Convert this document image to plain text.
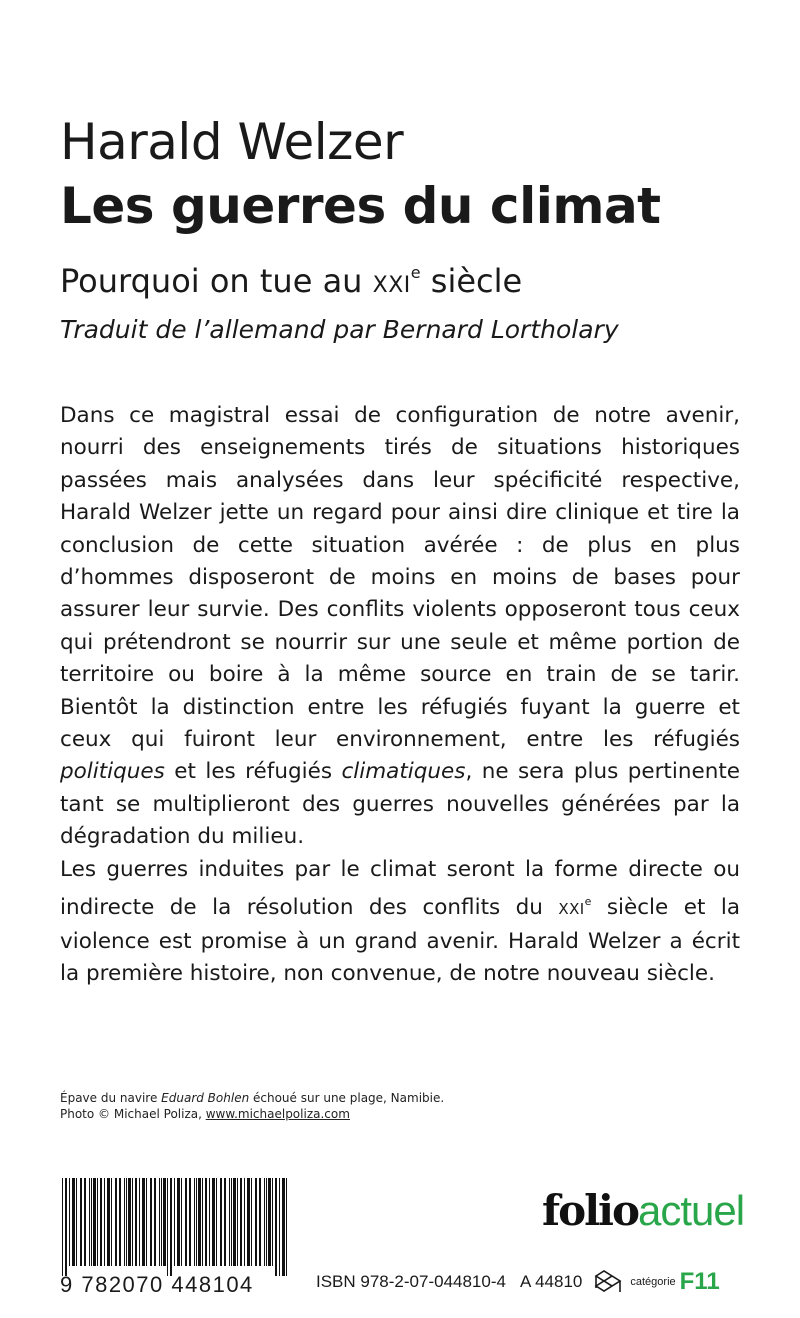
Harald Welzer
Les guerres du climat
Pourquoi on tue au XXIe siècle
Traduit de l’allemand par Bernard Lortholary

Dans ce magistral essai de configuration de notre avenir, nourri des enseignements tirés de situations historiques passées mais analysées dans leur spécificité respective, Harald Welzer jette un regard pour ainsi dire clinique et tire la conclusion de cette situation avérée : de plus en plus d’hommes disposeront de moins en moins de bases pour assurer leur survie. Des conflits violents opposeront tous ceux qui prétendront se nourrir sur une seule et même portion de territoire ou boire à la même source en train de se tarir. Bientôt la distinction entre les réfugiés fuyant la guerre et ceux qui fuiront leur environnement, entre les réfugiés politiques et les réfugiés climatiques, ne sera plus pertinente tant se multiplieront des guerres nouvelles générées par la dégradation du milieu.

Les guerres induites par le climat seront la forme directe ou indirecte de la résolution des conflits du XXIe siècle et la violence est promise à un grand avenir. Harald Welzer a écrit la première histoire, non convenue, de notre nouveau siècle.

Épave du navire Eduard Bohlen échoué sur une plage, Namibie.
Photo © Michael Poliza, www.michaelpoliza.com
9 782070 448104
folioactuel
ISBN 978-2-07-044810-4 A 44810	catégorie F11
